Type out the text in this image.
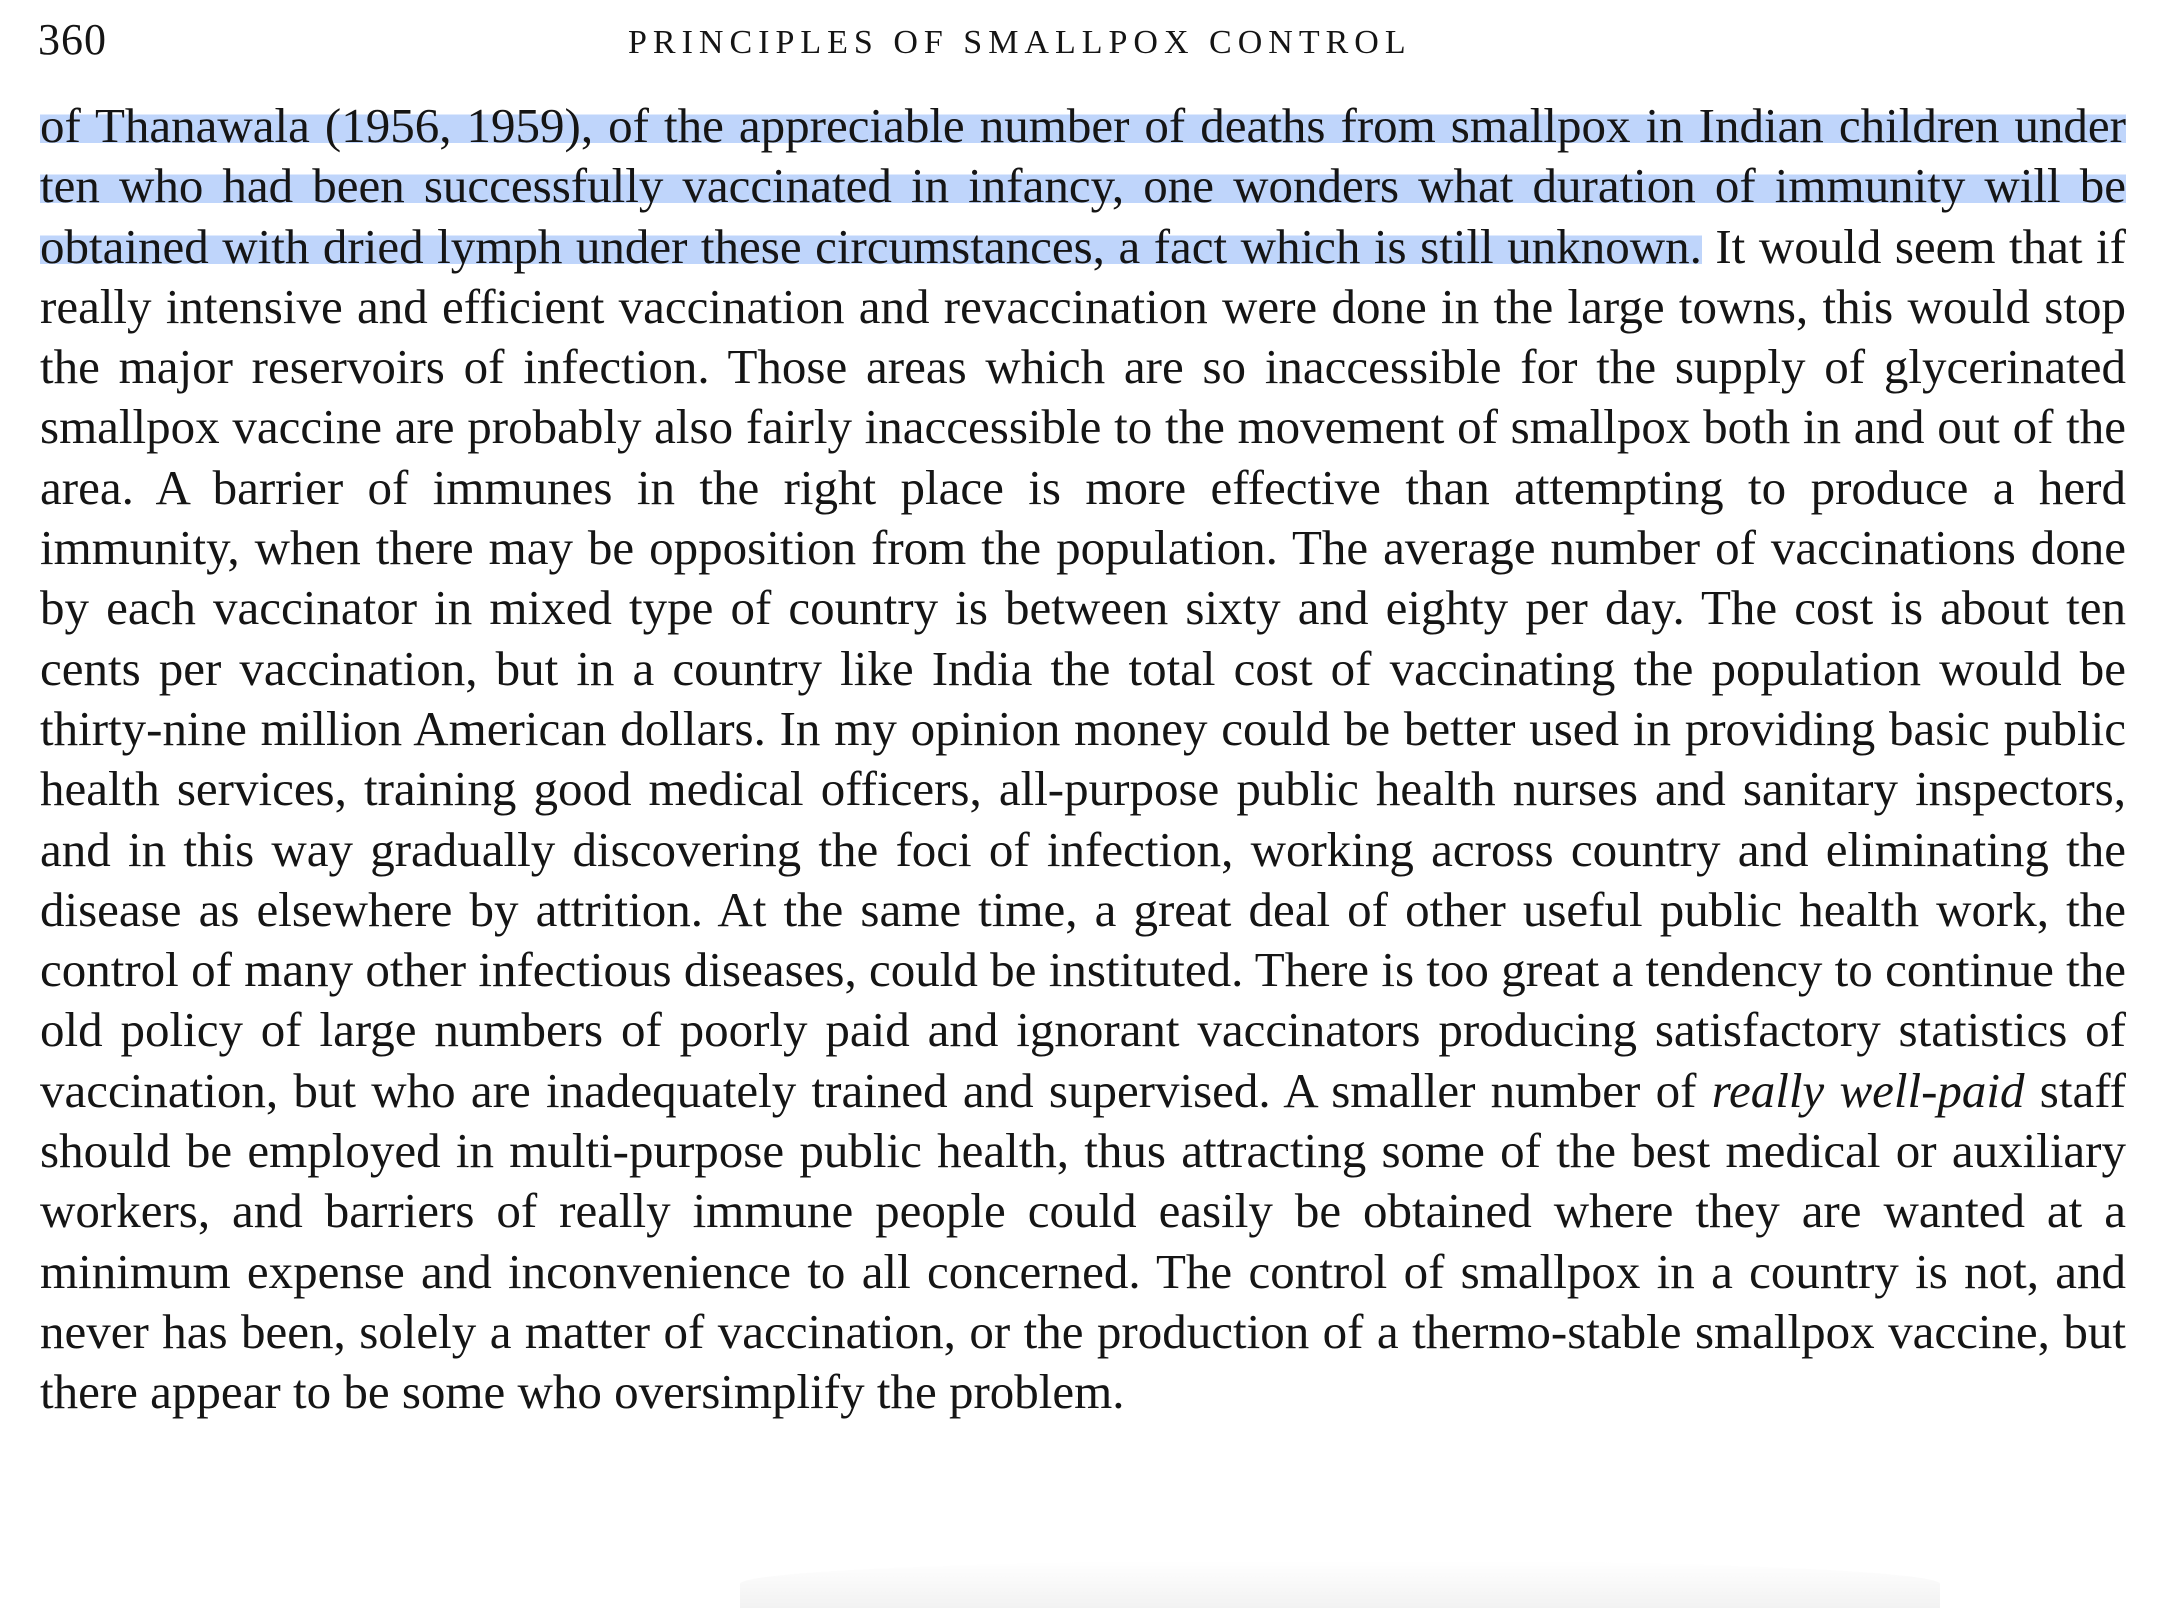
360	PRINCIPLES OF SMALLPOX CONTROL

of Thanawala (1956, 1959), of the appreciable number of deaths from smallpox in Indian children under ten who had been successfully vaccinated in infancy, one wonders what duration of immunity will be obtained with dried lymph under these circumstances, a fact which is still unknown. It would seem that if really intensive and efficient vaccination and revaccination were done in the large towns, this would stop the major reservoirs of infection. Those areas which are so inaccessible for the supply of glycerinated smallpox vaccine are probably also fairly inaccessible to the movement of smallpox both in and out of the area. A barrier of immunes in the right place is more effective than attempting to produce a herd immunity, when there may be opposition from the population. The average number of vaccinations done by each vaccinator in mixed type of country is between sixty and eighty per day. The cost is about ten cents per vaccination, but in a country like India the total cost of vaccinating the population would be thirty-nine million American dollars. In my opinion money could be better used in providing basic public health services, training good medical officers, all-purpose public health nurses and sanitary inspectors, and in this way gradually discovering the foci of infection, working across country and eliminating the disease as elsewhere by attrition. At the same time, a great deal of other useful public health work, the control of many other infectious diseases, could be instituted. There is too great a tendency to continue the old policy of large numbers of poorly paid and ignorant vaccinators producing satisfactory statistics of vaccination, but who are inadequately trained and supervised. A smaller number of really well-paid staff should be employed in multi-purpose public health, thus attracting some of the best medical or auxiliary workers, and barriers of really immune people could easily be obtained where they are wanted at a minimum expense and inconvenience to all concerned. The control of smallpox in a country is not, and never has been, solely a matter of vaccination, or the production of a thermo-stable smallpox vaccine, but there appear to be some who oversimplify the problem.
